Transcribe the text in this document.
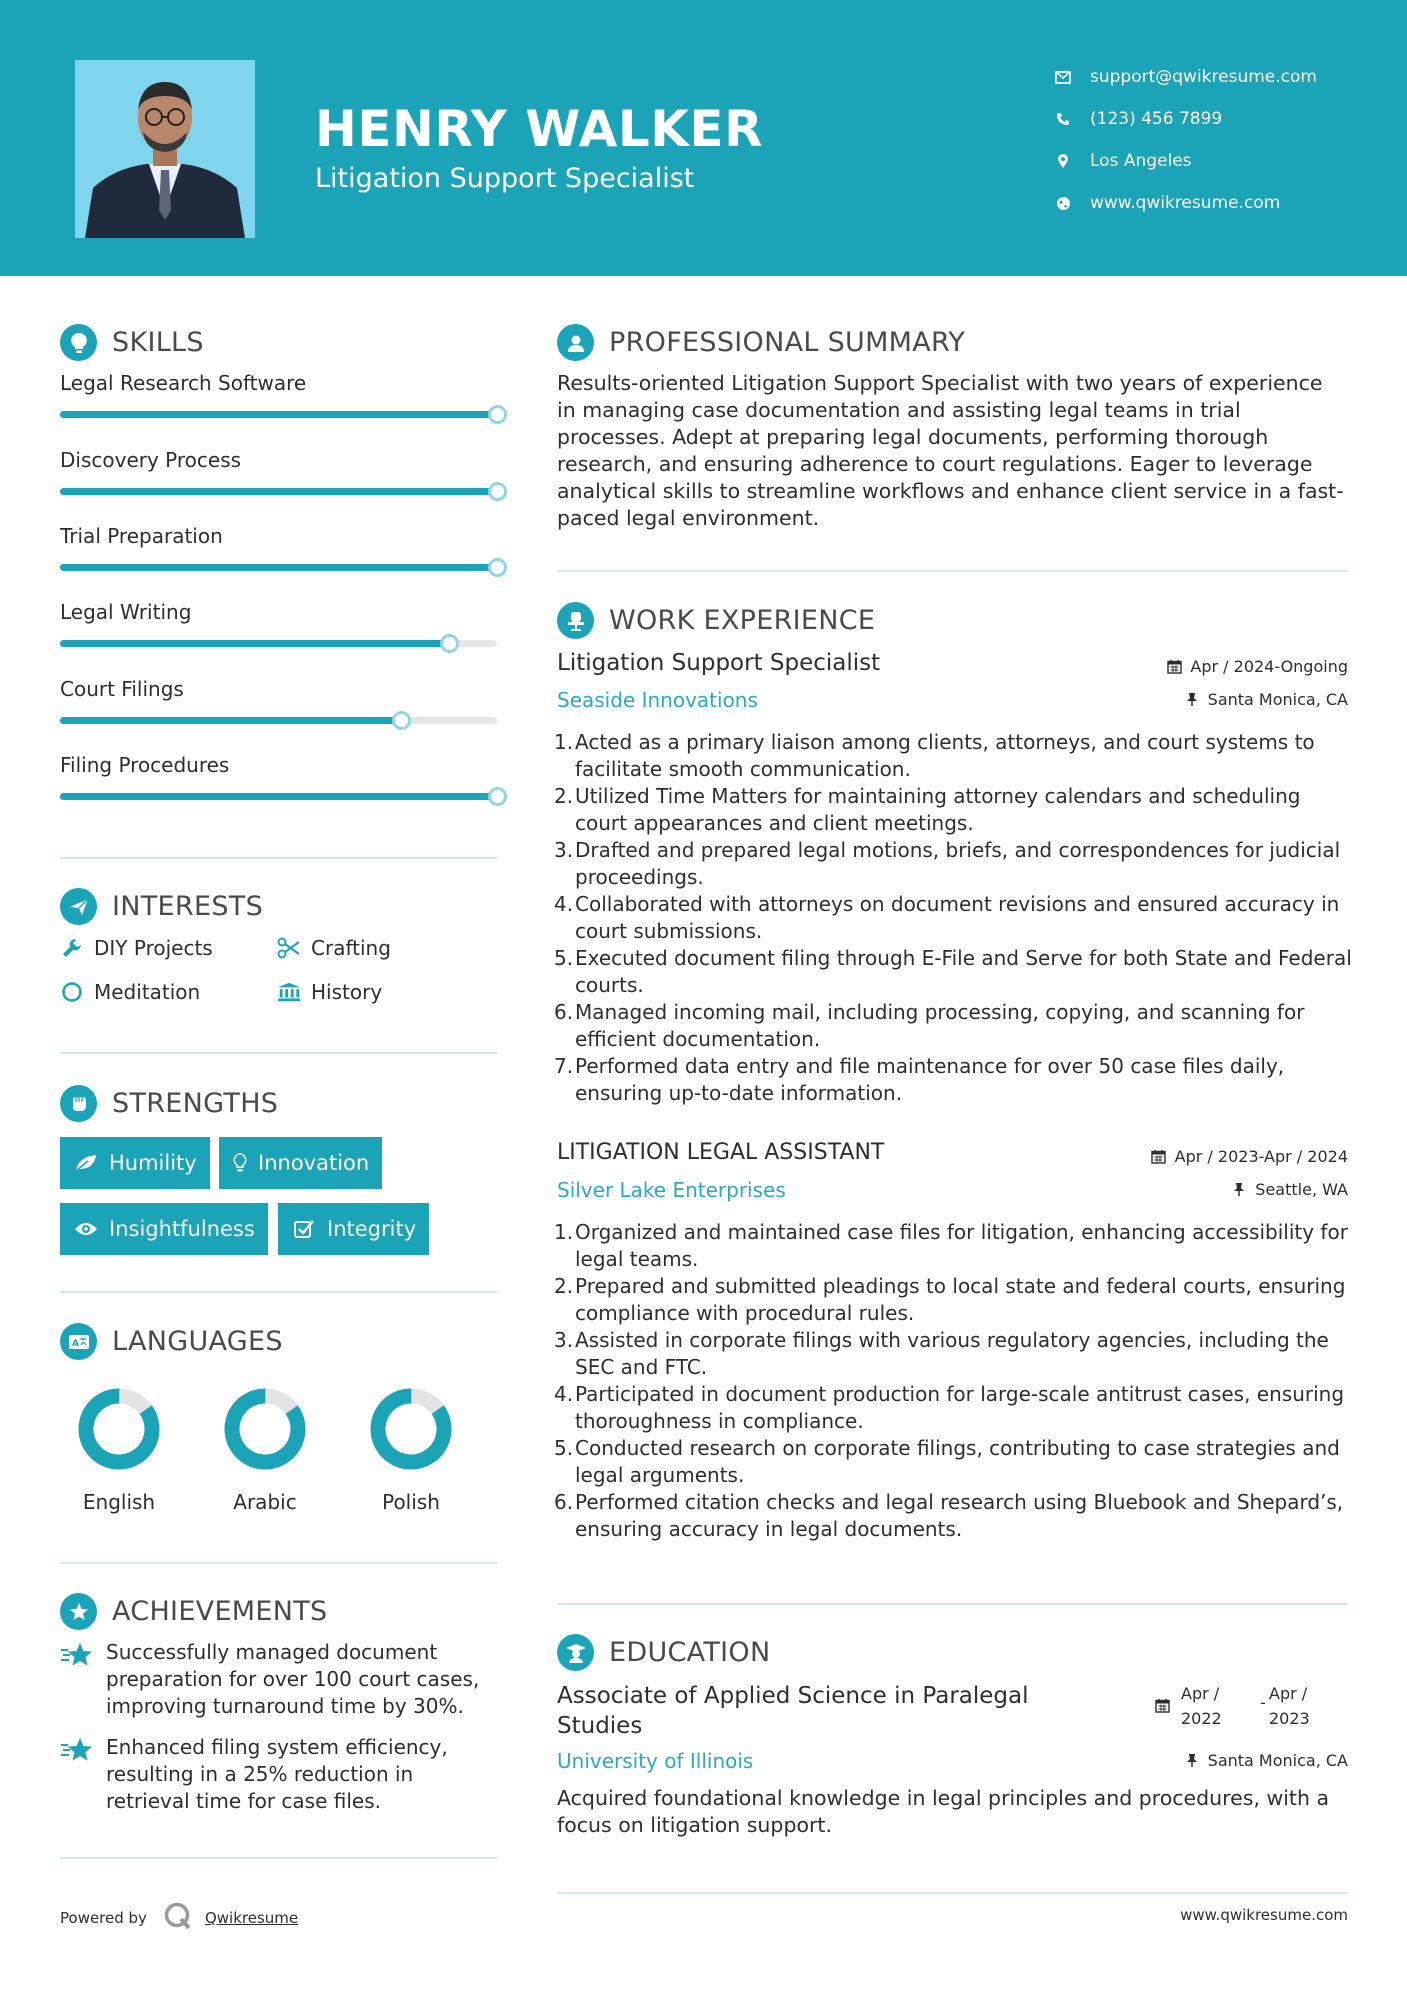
HENRY WALKER
Litigation Support Specialist
support@qwikresume.com
(123) 456 7899
Los Angeles
www.qwikresume.com
SKILLS
Legal Research Software
Discovery Process
Trial Preparation
Legal Writing
Court Filings
Filing Procedures
INTERESTS
DIY Projects	Crafting
Meditation	History
STRENGTHS
Humility	Innovation
Insightfulness	Integrity
A LANGUAGES
English	Arabic	Polish
ACHIEVEMENTS
Successfully managed document preparation for over 100 court cases, improving turnaround time by 30%.
Enhanced filing system efficiency, resulting in a 25% reduction in retrieval time for case files.
PROFESSIONAL SUMMARY
Results-oriented Litigation Support Specialist with two years of experience in managing case documentation and assisting legal teams in trial processes. Adept at preparing legal documents, performing thorough research, and ensuring adherence to court regulations. Eager to leverage analytical skills to streamline workflows and enhance client service in a fast-paced legal environment.
WORK EXPERIENCE
Litigation Support Specialist	Apr / 2024-Ongoing
Seaside Innovations	Santa Monica, CA
Acted as a primary liaison among clients, attorneys, and court systems to facilitate smooth communication.
Utilized Time Matters for maintaining attorney calendars and scheduling court appearances and client meetings.
Drafted and prepared legal motions, briefs, and correspondences for judicial proceedings.
Collaborated with attorneys on document revisions and ensured accuracy in court submissions.
Executed document filing through E-File and Serve for both State and Federal courts.
Managed incoming mail, including processing, copying, and scanning for efficient documentation.
Performed data entry and file maintenance for over 50 case files daily, ensuring up-to-date information.
LITIGATION LEGAL ASSISTANT	Apr / 2023-Apr / 2024
Silver Lake Enterprises	Seattle, WA
Organized and maintained case files for litigation, enhancing accessibility for legal teams.
Prepared and submitted pleadings to local state and federal courts, ensuring compliance with procedural rules.
Assisted in corporate filings with various regulatory agencies, including the SEC and FTC.
Participated in document production for large-scale antitrust cases, ensuring thoroughness in compliance.
Conducted research on corporate filings, contributing to case strategies and legal arguments.
Performed citation checks and legal research using Bluebook and Shepard’s, ensuring accuracy in legal documents.
EDUCATION
Associate of Applied Science in Paralegal Studies
Apr /
2022
- Apr /
2023
University of Illinois	Santa Monica, CA
Acquired foundational knowledge in legal principles and procedures, with a focus on litigation support.
Powered by	Qwikresume	www.qwikresume.com
